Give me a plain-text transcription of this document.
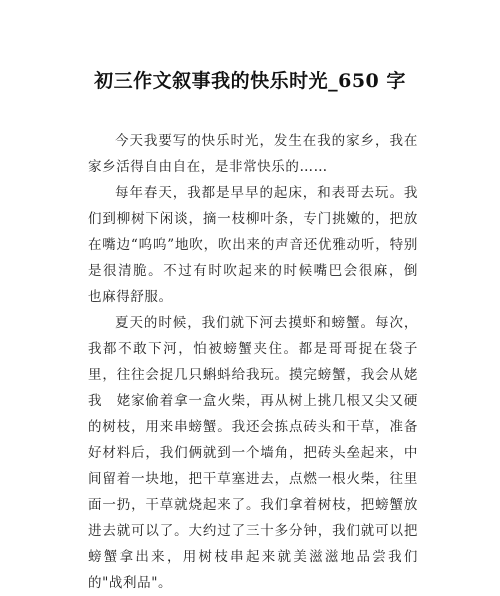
初三作文叙事我的快乐时光_650 字

今天我要写的快乐时光，发生在我的家乡，我在家乡活得自由自在，是非常快乐的……

每年春天，我都是早早的起床，和表哥去玩。我们到柳树下闲谈，摘一枝柳叶条，专门挑嫩的，把放在嘴边“呜呜”地吹，吹出来的声音还优雅动听，特别是很清脆。不过有时吹起来的时候嘴巴会很麻，倒　也麻得舒服。

夏天的时候，我们就下河去摸虾和螃蟹。每次，我都不敢下河，怕被螃蟹夹住。都是哥哥捉在袋子里，往往会捉几只蝌蚪给我玩。摸完螃蟹，我会从姥我　姥家偷着拿一盒火柴，再从树上挑几根又尖又硬的树枝，用来串螃蟹。我还会拣点砖头和干草，准备好材料后，我们俩就到一个墙角，把砖头垒起来，中间留着一块地，把干草塞进去，点燃一根火柴，往里面一扔，干草就烧起来了。我们拿着树枝，把螃蟹放进去就可以了。大约过了三十多分钟，我们就可以把螃蟹拿出来，用树枝串起来就美滋滋地品尝我们的"战利品"。
